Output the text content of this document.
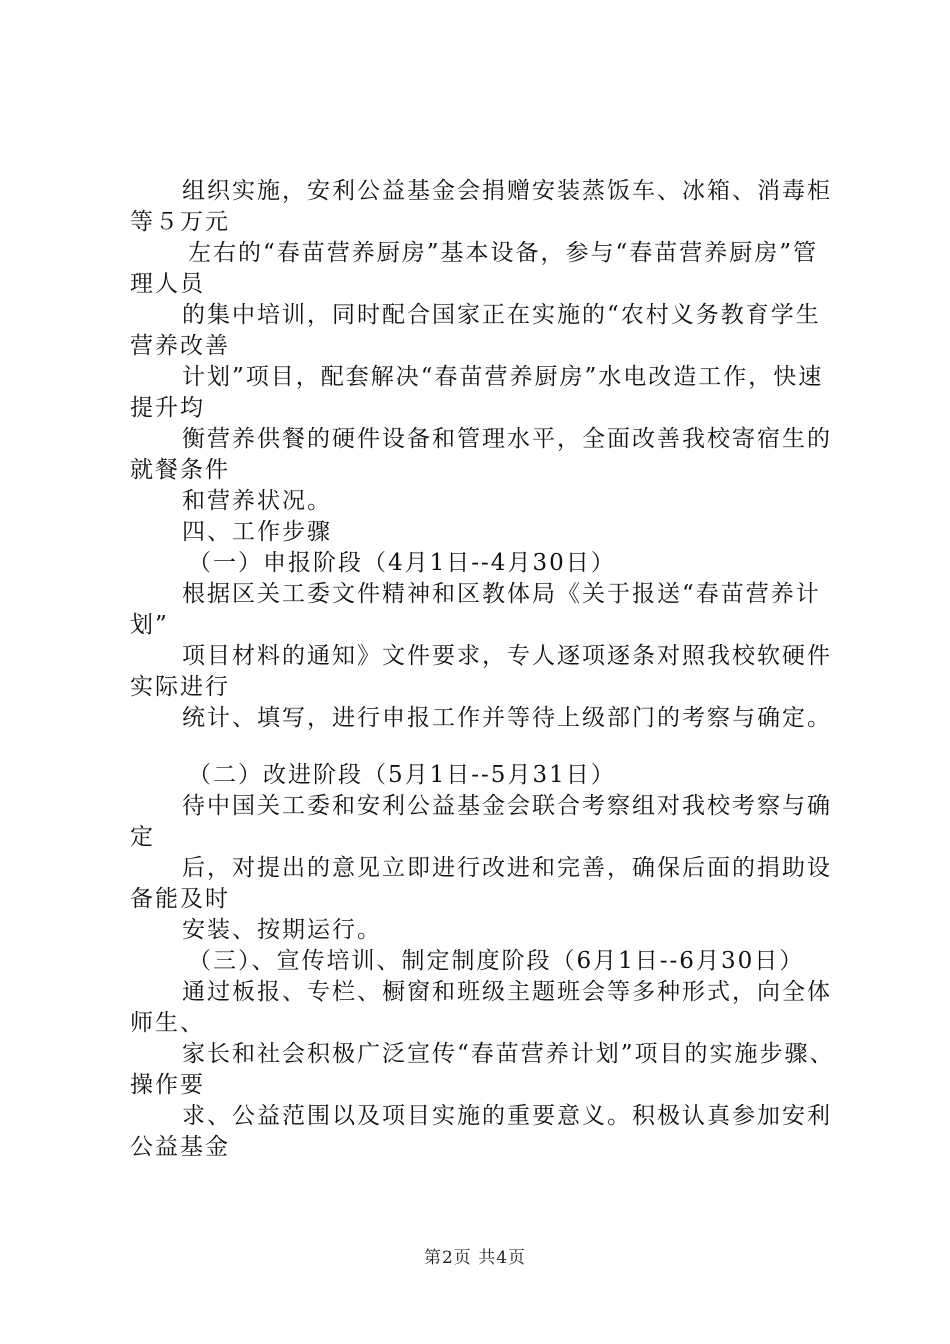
组织实施，安利公益基金会捐赠安装蒸饭车、冰箱、消毒柜等５万元

左右的“春苗营养厨房”基本设备，参与“春苗营养厨房”管理人员

的集中培训，同时配合国家正在实施的“农村义务教育学生营养改善

计划”项目，配套解决“春苗营养厨房”水电改造工作，快速提升均

衡营养供餐的硬件设备和管理水平，全面改善我校寄宿生的就餐条件

和营养状况。

四、工作步骤

（一）申报阶段（4月1日--4月30日）

根据区关工委文件精神和区教体局《关于报送“春苗营养计划”

项目材料的通知》文件要求，专人逐项逐条对照我校软硬件实际进行

统计、填写，进行申报工作并等待上级部门的考察与确定。

（二）改进阶段（5月1日--5月31日）

待中国关工委和安利公益基金会联合考察组对我校考察与确定

后，对提出的意见立即进行改进和完善，确保后面的捐助设备能及时

安装、按期运行。

（三）、宣传培训、制定制度阶段（6月1日--6月30日）

通过板报、专栏、橱窗和班级主题班会等多种形式，向全体师生、

家长和社会积极广泛宣传“春苗营养计划”项目的实施步骤、操作要

求、公益范围以及项目实施的重要意义。积极认真参加安利公益基金

第2页 共4页
